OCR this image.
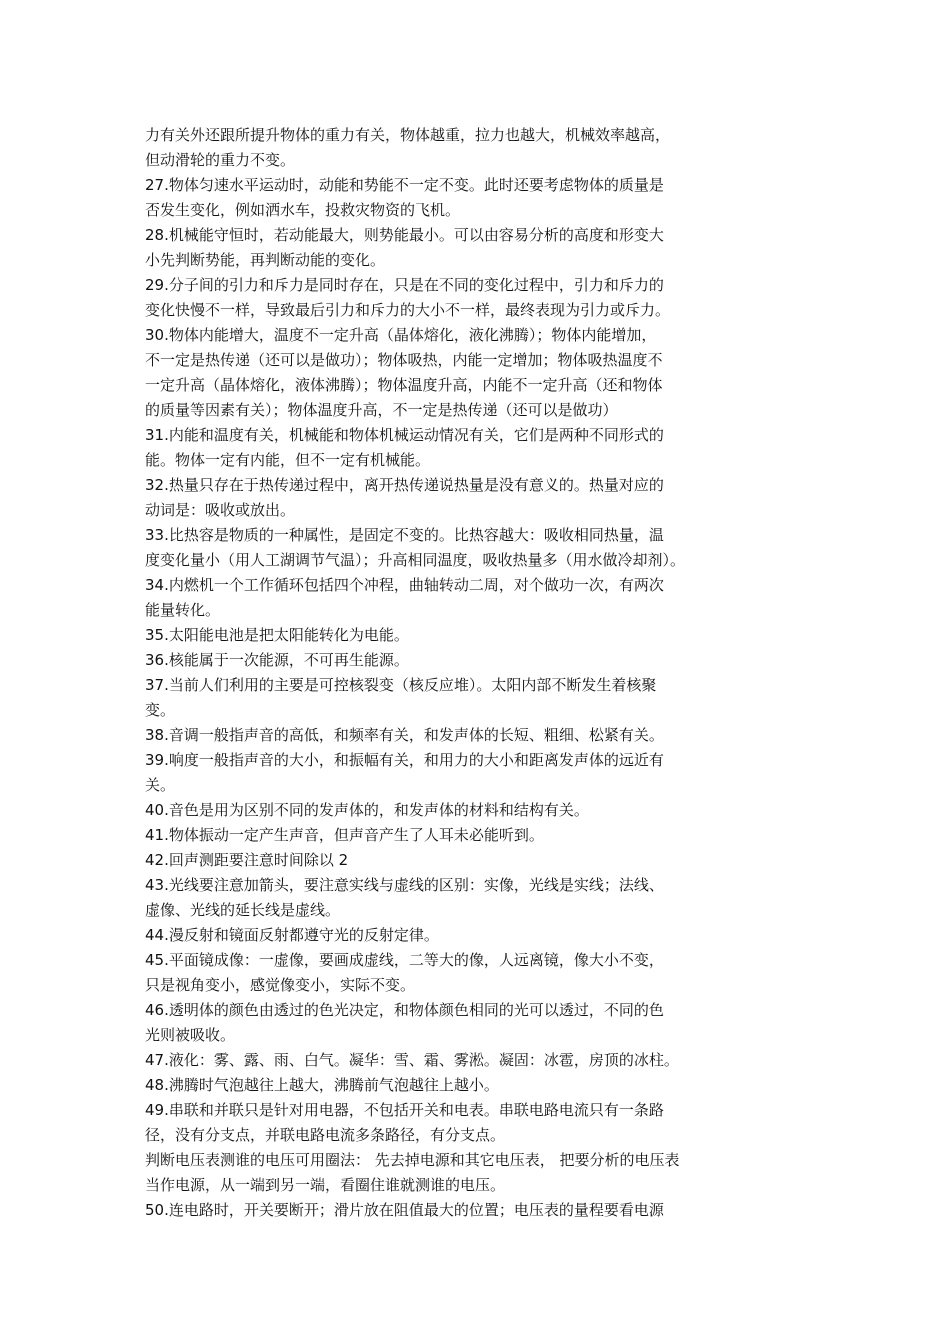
力有关外还跟所提升物体的重力有关，物体越重，拉力也越大，机械效率越高，
但动滑轮的重力不变。
27.物体匀速水平运动时，动能和势能不一定不变。此时还要考虑物体的质量是
否发生变化，例如洒水车，投救灾物资的飞机。
28.机械能守恒时，若动能最大，则势能最小。可以由容易分析的高度和形变大
小先判断势能，再判断动能的变化。
29.分子间的引力和斥力是同时存在，只是在不同的变化过程中，引力和斥力的
变化快慢不一样，导致最后引力和斥力的大小不一样，最终表现为引力或斥力。
30.物体内能增大，温度不一定升高（晶体熔化，液化沸腾）；物体内能增加，
不一定是热传递（还可以是做功）；物体吸热，内能一定增加；物体吸热温度不
一定升高（晶体熔化，液体沸腾）；物体温度升高，内能不一定升高（还和物体
的质量等因素有关）；物体温度升高，不一定是热传递（还可以是做功）
31.内能和温度有关，机械能和物体机械运动情况有关，它们是两种不同形式的
能。物体一定有内能，但不一定有机械能。
32.热量只存在于热传递过程中，离开热传递说热量是没有意义的。热量对应的
动词是：吸收或放出。
33.比热容是物质的一种属性，是固定不变的。比热容越大：吸收相同热量，温
度变化量小（用人工湖调节气温）；升高相同温度，吸收热量多（用水做冷却剂）。
34.内燃机一个工作循环包括四个冲程，曲轴转动二周，对个做功一次，有两次
能量转化。
35.太阳能电池是把太阳能转化为电能。
36.核能属于一次能源，不可再生能源。
37.当前人们利用的主要是可控核裂变（核反应堆）。太阳内部不断发生着核聚
变。
38.音调一般指声音的高低，和频率有关，和发声体的长短、粗细、松紧有关。
39.响度一般指声音的大小，和振幅有关，和用力的大小和距离发声体的远近有
关。
40.音色是用为区别不同的发声体的，和发声体的材料和结构有关。
41.物体振动一定产生声音，但声音产生了人耳未必能听到。
42.回声测距要注意时间除以 2
43.光线要注意加箭头，要注意实线与虚线的区别：实像，光线是实线；法线、
虚像、光线的延长线是虚线。
44.漫反射和镜面反射都遵守光的反射定律。
45.平面镜成像：一虚像，要画成虚线，二等大的像，人远离镜，像大小不变，
只是视角变小，感觉像变小，实际不变。
46.透明体的颜色由透过的色光决定，和物体颜色相同的光可以透过，不同的色
光则被吸收。
47.液化：雾、露、雨、白气。凝华：雪、霜、雾淞。凝固：冰雹，房顶的冰柱。
48.沸腾时气泡越往上越大，沸腾前气泡越往上越小。
49.串联和并联只是针对用电器，不包括开关和电表。串联电路电流只有一条路
径，没有分支点，并联电路电流多条路径，有分支点。
判断电压表测谁的电压可用圈法： 先去掉电源和其它电压表， 把要分析的电压表
当作电源，从一端到另一端，看圈住谁就测谁的电压。
50.连电路时，开关要断开；滑片放在阻值最大的位置；电压表的量程要看电源
